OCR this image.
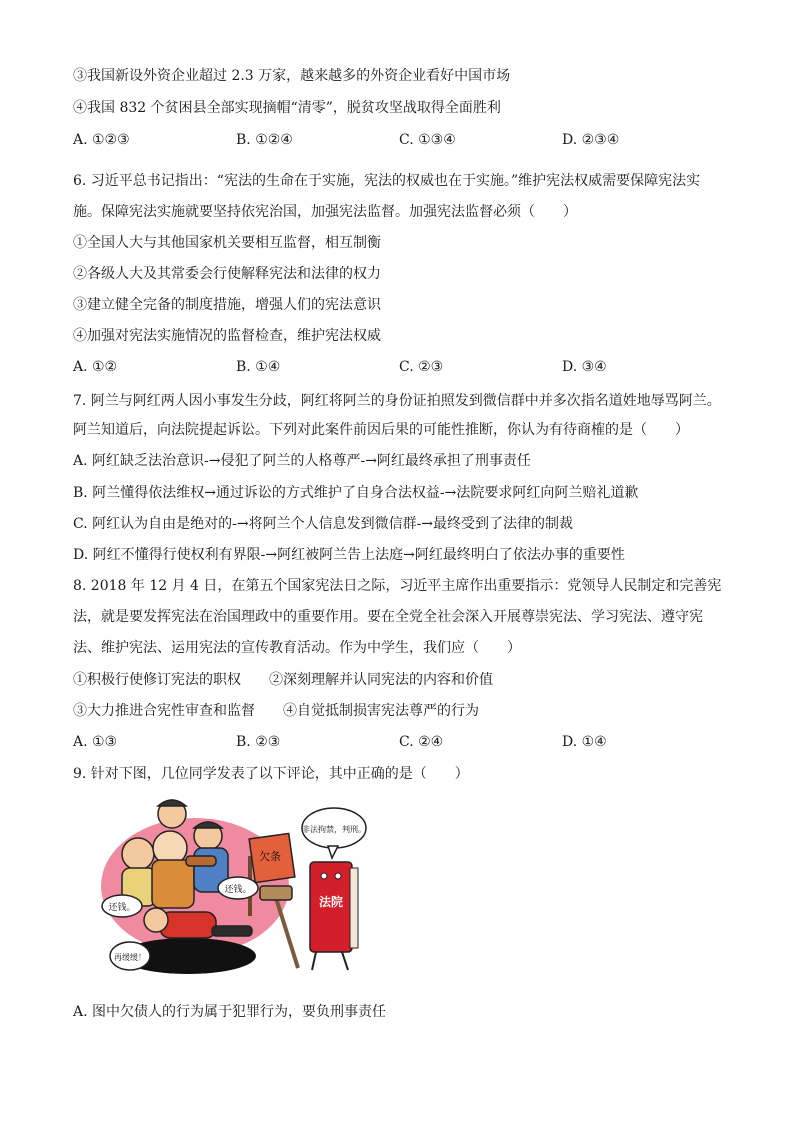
③我国新设外资企业超过 2.3 万家，越来越多的外资企业看好中国市场
④我国 832 个贫困县全部实现摘帽“清零”，脱贫攻坚战取得全面胜利
A. ①②③	B. ①②④	C. ①③④	D. ②③④
6. 习近平总书记指出：“宪法的生命在于实施，宪法的权威也在于实施。”维护宪法权威需要保障宪法实
施。保障宪法实施就要坚持依宪治国，加强宪法监督。加强宪法监督必须（　　）
①全国人大与其他国家机关要相互监督，相互制衡
②各级人大及其常委会行使解释宪法和法律的权力
③建立健全完备的制度措施，增强人们的宪法意识
④加强对宪法实施情况的监督检查，维护宪法权威
A. ①②	B. ①④	C. ②③	D. ③④
7. 阿兰与阿红两人因小事发生分歧，阿红将阿兰的身份证拍照发到微信群中并多次指名道姓地辱骂阿兰。
阿兰知道后，向法院提起诉讼。下列对此案件前因后果的可能性推断，你认为有待商榷的是（　　）
A. 阿红缺乏法治意识-→侵犯了阿兰的人格尊严-→阿红最终承担了刑事责任
B. 阿兰懂得依法维权→通过诉讼的方式维护了自身合法权益-→法院要求阿红向阿兰赔礼道歉
C. 阿红认为自由是绝对的-→将阿兰个人信息发到微信群-→最终受到了法律的制裁
D. 阿红不懂得行使权利有界限-→阿红被阿兰告上法庭→阿红最终明白了依法办事的重要性
8. 2018 年 12 月 4 日，在第五个国家宪法日之际，习近平主席作出重要指示：党领导人民制定和完善宪
法，就是要发挥宪法在治国理政中的重要作用。要在全党全社会深入开展尊崇宪法、学习宪法、遵守宪
法、维护宪法、运用宪法的宣传教育活动。作为中学生，我们应（　　）
①积极行使修订宪法的职权　　②深刻理解并认同宪法的内容和价值
③大力推进合宪性审查和监督　　④自觉抵制损害宪法尊严的行为
A. ①③	B. ②③	C. ②④	D. ①④
9. 针对下图，几位同学发表了以下评论，其中正确的是（　　）
欠条
法院
非法拘禁，判刑。
还钱。
还钱。
再缓缓！
A. 图中欠债人的行为属于犯罪行为，要负刑事责任
